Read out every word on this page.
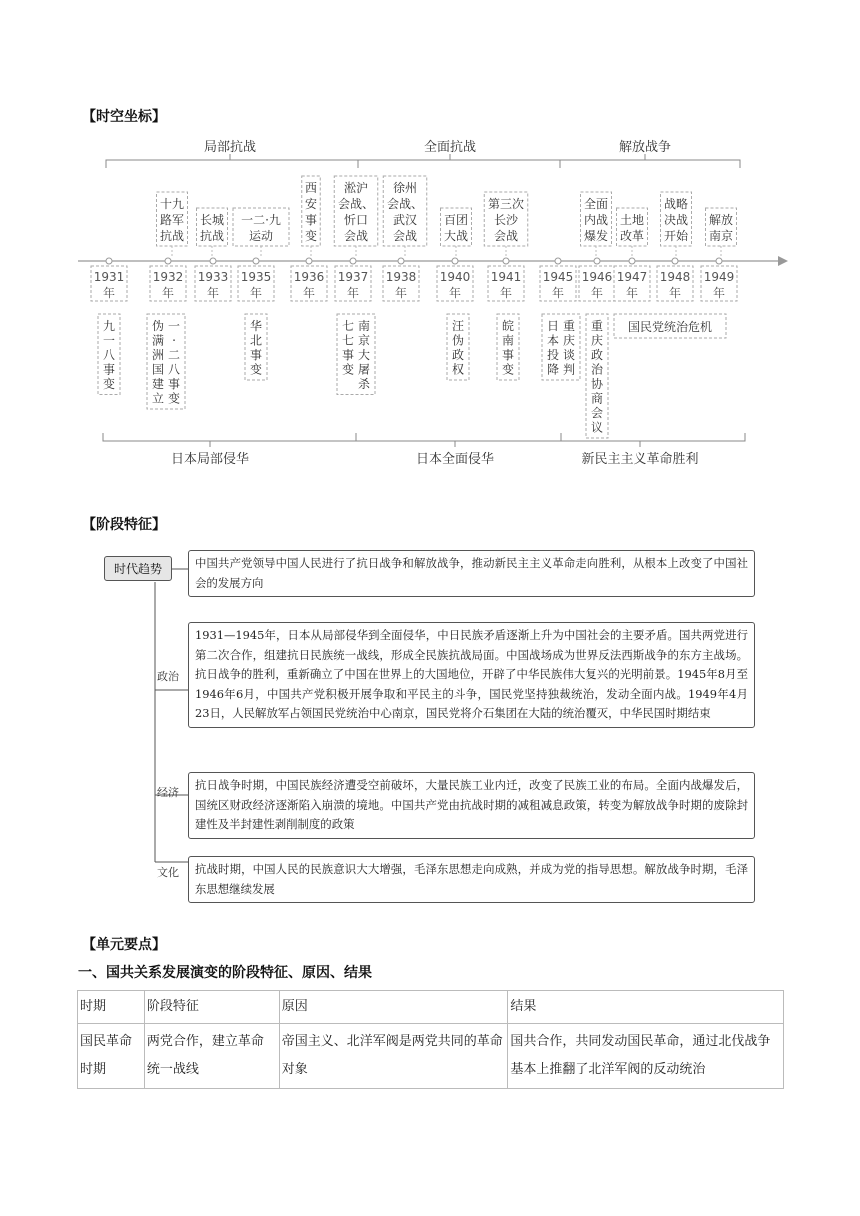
【时空坐标】
局部抗战	全面抗战	解放战争
日本局部侵华	日本全面侵华	新民主主义革命胜利
1931
年
1932
年
1933
年
1935
年
1936
年
1937
年
1938
年
1940
年
1941
年
1945
年
1946
年
1947
年
1948
年
1949
年
十九
路军
抗战
长城
抗战
一二·九
运动
西
安
事
变
淞沪
会战、
忻口
会战
徐州
会战、
武汉
会战
百团
大战
第三次
长沙
会战
全面
内战
爆发
土地
改革
战略
决战
开始
解放
南京
九
一
八
事
变
伪
满
洲
国
建
立
一
·
二
八
事
变
华
北
事
变
七
七
事
变
南
京
大
屠
杀
汪
伪
政
权
皖
南
事
变
日
本
投
降
重
庆
谈
判
重
庆
政
治
协
商
会
议
国民党统治危机
【阶段特征】
时代趋势	中国共产党领导中国人民进行了抗日战争和解放战争，推动新民主主义革命走向胜利，从根本上改变了中国社会的发展方向
政治
1931—1945年，日本从局部侵华到全面侵华，中日民族矛盾逐渐上升为中国社会的主要矛盾。国共两党进行第二次合作，组建抗日民族统一战线，形成全民族抗战局面。中国战场成为世界反法西斯战争的东方主战场。抗日战争的胜利，重新确立了中国在世界上的大国地位，开辟了中华民族伟大复兴的光明前景。1945年8月至1946年6月，中国共产党积极开展争取和平民主的斗争，国民党坚持独裁统治，发动全面内战。1949年4月23日，人民解放军占领国民党统治中心南京，国民党将介石集团在大陆的统治覆灭，中华民国时期结束
经济
抗日战争时期，中国民族经济遭受空前破坏，大量民族工业内迁，改变了民族工业的布局。全面内战爆发后，国统区财政经济逐渐陷入崩溃的境地。中国共产党由抗战时期的减租减息政策，转变为解放战争时期的废除封建性及半封建性剥削制度的政策
文化	抗战时期，中国人民的民族意识大大增强，毛泽东思想走向成熟，并成为党的指导思想。解放战争时期，毛泽东思想继续发展
【单元要点】
一、国共关系发展演变的阶段特征、原因、结果
时期	阶段特征	原因	结果
国民革命时期	两党合作，建立革命统一战线	帝国主义、北洋军阀是两党共同的革命对象	国共合作，共同发动国民革命，通过北伐战争基本上推翻了北洋军阀的反动统治
